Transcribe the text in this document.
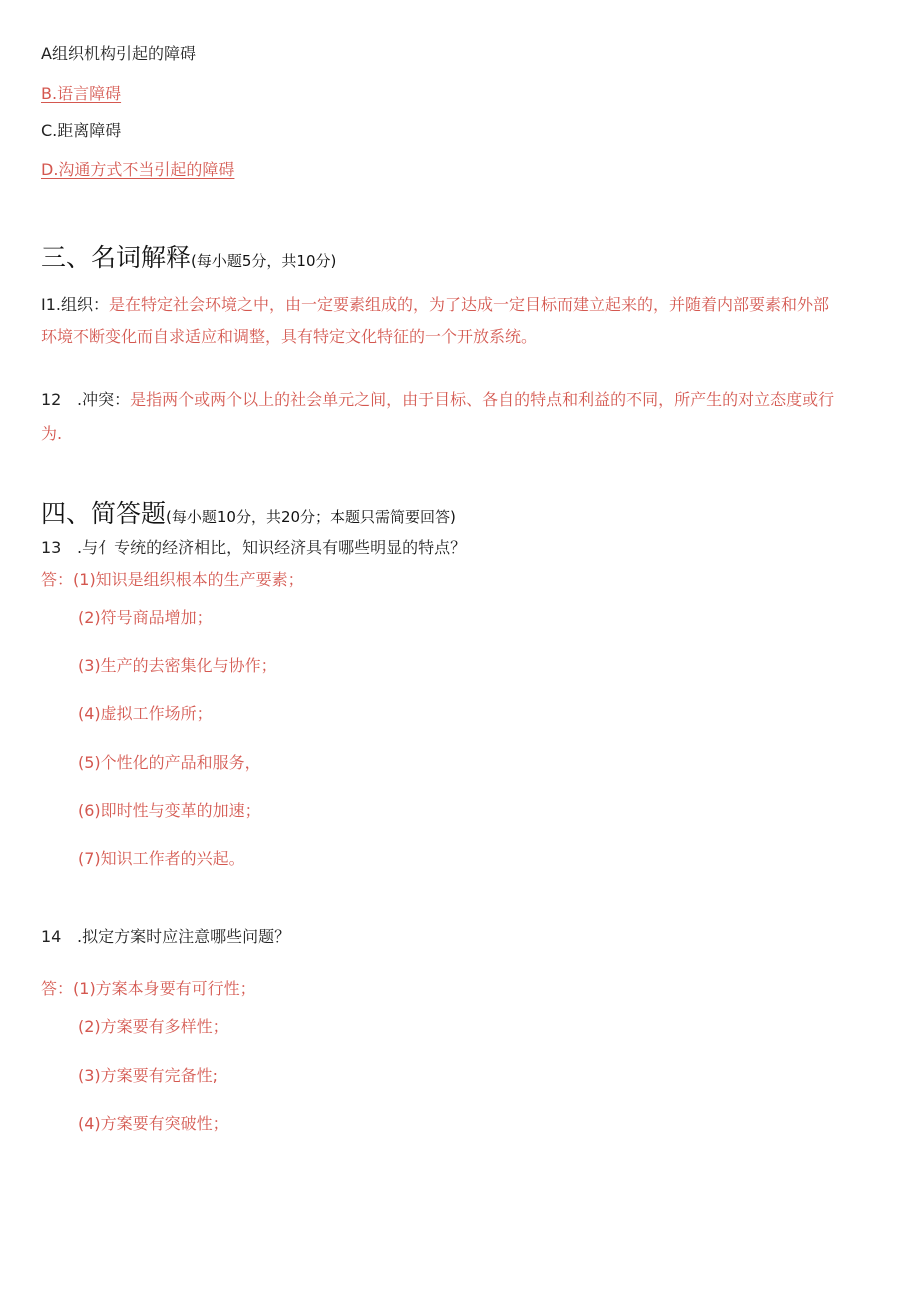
A组织机构引起的障碍
B.语言障碍
C.距离障碍
D.沟通方式不当引起的障碍
三、名词解释(每小题5分，共10分)
I1.组织：是在特定社会环境之中，由一定要素组成的，为了达成一定目标而建立起来的，并随着内部要素和外部
环境不断变化而自求适应和调整，具有特定文化特征的一个开放系统。
12 .冲突：是指两个或两个以上的社会单元之间，由于目标、各自的特点和利益的不同，所产生的对立态度或行
为.
四、简答题(每小题10分，共20分；本题只需简要回答)
13 .与亻专统的经济相比，知识经济具有哪些明显的特点？
答：(1)知识是组织根本的生产要素；
(2)符号商品增加；
(3)生产的去密集化与协作；
(4)虚拟工作场所；
(5)个性化的产品和服务，
(6)即时性与变革的加速；
(7)知识工作者的兴起。
14 .拟定方案时应注意哪些问题？
答：(1)方案本身要有可行性；
(2)方案要有多样性；
(3)方案要有完备性;
(4)方案要有突破性；
